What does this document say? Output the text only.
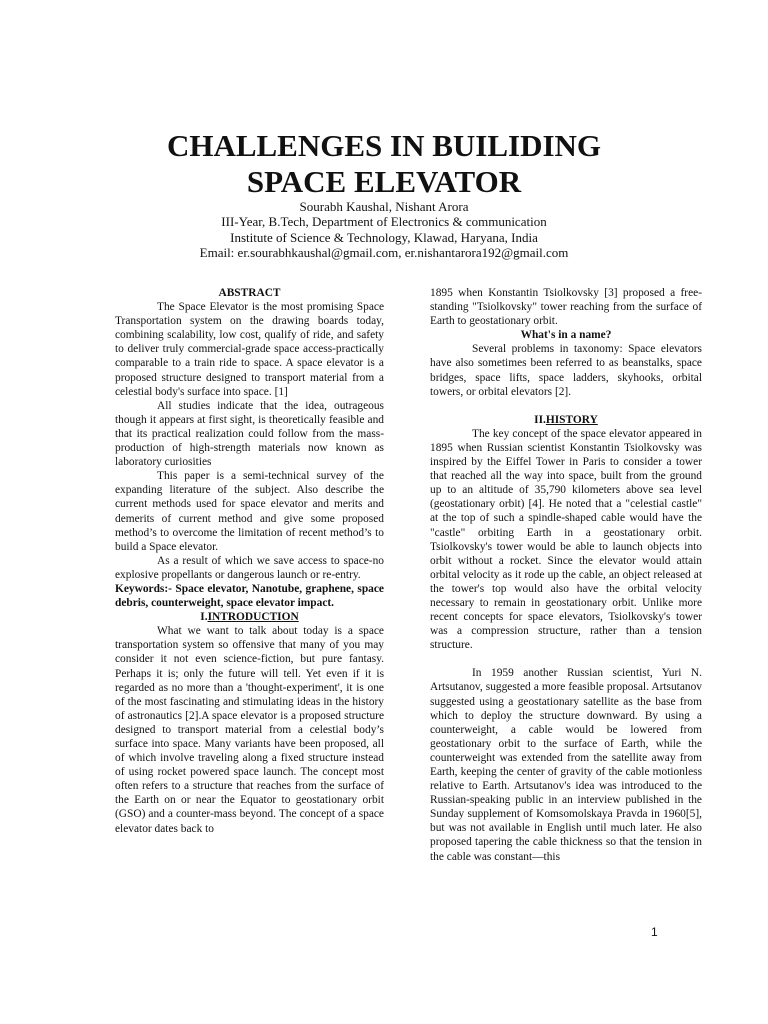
CHALLENGES IN BUILIDING
SPACE ELEVATOR
Sourabh Kaushal, Nishant Arora
III-Year, B.Tech, Department of Electronics & communication
Institute of Science & Technology, Klawad, Haryana, India
Email: er.sourabhkaushal@gmail.com, er.nishantarora192@gmail.com

ABSTRACT

The Space Elevator is the most promising Space Transportation system on the drawing boards today, combining scalability, low cost, qualify of ride, and safety to deliver truly commercial-grade space access-practically comparable to a train ride to space. A space elevator is a proposed structure designed to transport material from a celestial body's surface into space. [1]

All studies indicate that the idea, outrageous though it appears at first sight, is theoretically feasible and that its practical realization could follow from the mass-production of high-strength materials now known as laboratory curiosities

This paper is a semi-technical survey of the expanding literature of the subject. Also describe the current methods used for space elevator and merits and demerits of current method and give some proposed method’s to overcome the limitation of recent method’s to build a Space elevator.

As a result of which we save access to space-no explosive propellants or dangerous launch or re-entry.

Keywords:- Space elevator, Nanotube, graphene, space debris, counterweight, space elevator impact.

I.INTRODUCTION

What we want to talk about today is a space transportation system so offensive that many of you may consider it not even science-fiction, but pure fantasy. Perhaps it is; only the future will tell. Yet even if it is regarded as no more than a 'thought-experiment', it is one of the most fascinating and stimulating ideas in the history of astronautics [2].A space elevator is a proposed structure designed to transport material from a celestial body’s surface into space. Many variants have been proposed, all of which involve traveling along a fixed structure instead of using rocket powered space launch. The concept most often refers to a structure that reaches from the surface of the Earth on or near the Equator to geostationary orbit (GSO) and a counter-mass beyond. The concept of a space elevator dates back to

1895 when Konstantin Tsiolkovsky [3] proposed a free-standing "Tsiolkovsky" tower reaching from the surface of Earth to geostationary orbit.

What's in a name?

Several problems in taxonomy: Space elevators have also sometimes been referred to as beanstalks, space bridges, space lifts, space ladders, skyhooks, orbital towers, or orbital elevators [2].

II.HISTORY

The key concept of the space elevator appeared in 1895 when Russian scientist Konstantin Tsiolkovsky was inspired by the Eiffel Tower in Paris to consider a tower that reached all the way into space, built from the ground up to an altitude of 35,790 kilometers above sea level (geostationary orbit) [4]. He noted that a "celestial castle" at the top of such a spindle-shaped cable would have the "castle" orbiting Earth in a geostationary orbit. Tsiolkovsky's tower would be able to launch objects into orbit without a rocket. Since the elevator would attain orbital velocity as it rode up the cable, an object released at the tower's top would also have the orbital velocity necessary to remain in geostationary orbit. Unlike more recent concepts for space elevators, Tsiolkovsky's tower was a compression structure, rather than a tension structure.

In 1959 another Russian scientist, Yuri N. Artsutanov, suggested a more feasible proposal. Artsutanov suggested using a geostationary satellite as the base from which to deploy the structure downward. By using a counterweight, a cable would be lowered from geostationary orbit to the surface of Earth, while the counterweight was extended from the satellite away from Earth, keeping the center of gravity of the cable motionless relative to Earth. Artsutanov's idea was introduced to the Russian-speaking public in an interview published in the Sunday supplement of Komsomolskaya Pravda in 1960[5], but was not available in English until much later. He also proposed tapering the cable thickness so that the tension in the cable was constant—this

1
